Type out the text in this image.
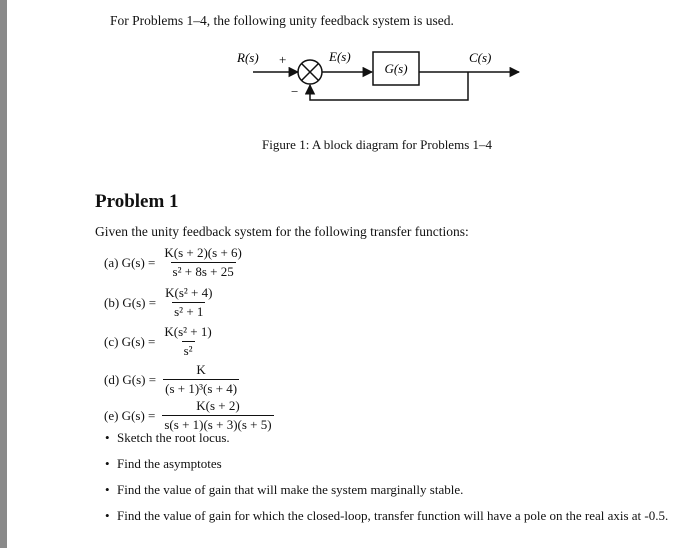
For Problems 1–4, the following unity feedback system is used.
R(s) +
−
E(s)
G(s)
C(s)
Figure 1: A block diagram for Problems 1–4
Problem 1
Given the unity feedback system for the following transfer functions:
(a) $G(s) = \frac{K(s + 2)(s + 6)}{\text{s² + 8s + 25}}$
(b) $G(s) = \frac{\text{K(s² + 4)}}{\text{s² + 1}}$
(c) $G(s) = \frac{\text{K(s² + 1)}}{\text{s²}}$
(d) $G(s) = \frac{K}{\text{(s + 1)³(s + 4)}}$
(e) $G(s) = \frac{K(s + 2)}{s(s + 1)(s + 3)(s + 5)}$
• Sketch the root locus.
• Find the asymptotes
• Find the value of gain that will make the system marginally stable.
• Find the value of gain for which the closed-loop, transfer function will have a pole on the real axis at -0.5.
